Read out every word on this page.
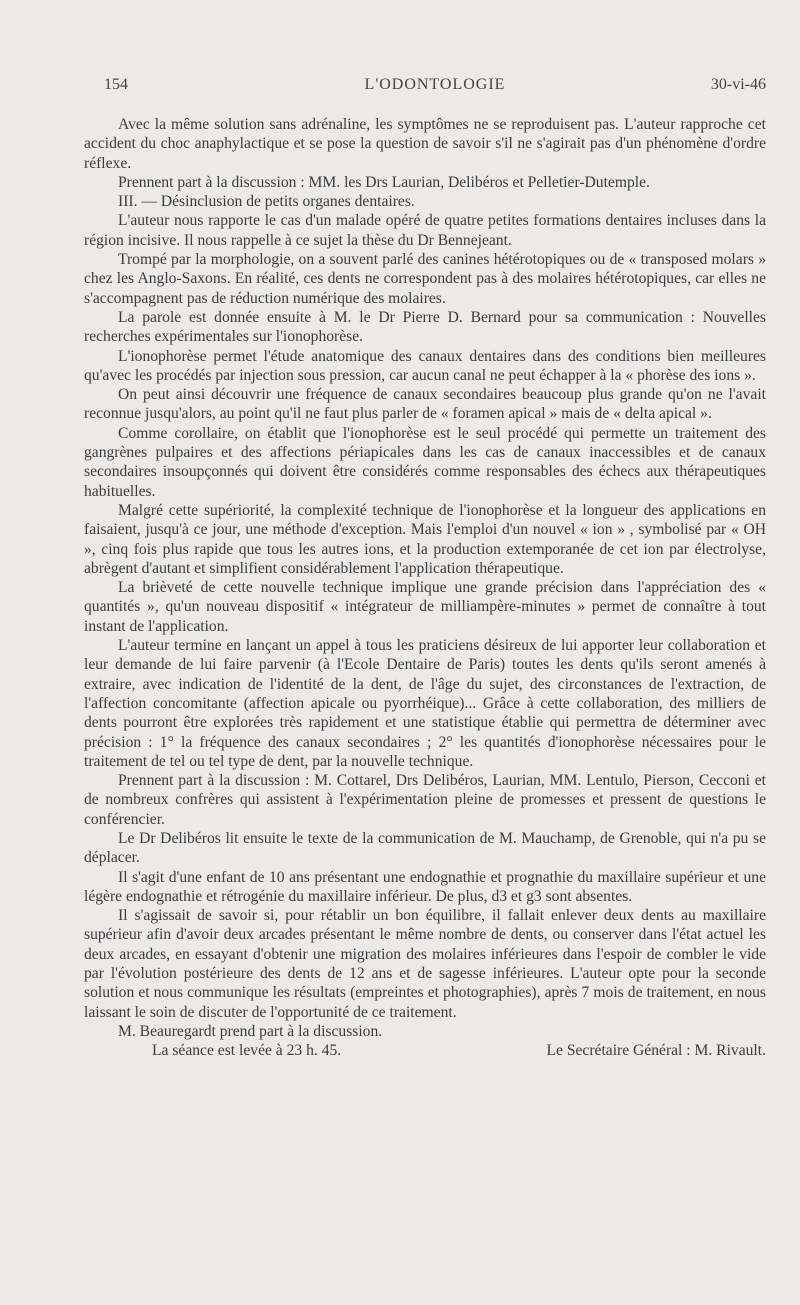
154	L'ODONTOLOGIE	30-vi-46

Avec la même solution sans adrénaline, les symptômes ne se reproduisent pas. L'auteur rapproche cet accident du choc anaphylactique et se pose la question de savoir s'il ne s'agirait pas d'un phénomène d'ordre réflexe.

Prennent part à la discussion : MM. les Drs Laurian, Delibéros et Pelletier-Dutemple.

III. — Désinclusion de petits organes dentaires.

L'auteur nous rapporte le cas d'un malade opéré de quatre petites formations dentaires incluses dans la région incisive. Il nous rappelle à ce sujet la thèse du Dr Bennejeant.

Trompé par la morphologie, on a souvent parlé des canines hétérotopiques ou de « transposed molars » chez les Anglo-Saxons. En réalité, ces dents ne correspondent pas à des molaires hétérotopiques, car elles ne s'accompagnent pas de réduction numérique des molaires.

La parole est donnée ensuite à M. le Dr Pierre D. Bernard pour sa communication : Nouvelles recherches expérimentales sur l'ionophorèse.

L'ionophorèse permet l'étude anatomique des canaux dentaires dans des conditions bien meilleures qu'avec les procédés par injection sous pression, car aucun canal ne peut échapper à la « phorèse des ions ».

On peut ainsi découvrir une fréquence de canaux secondaires beaucoup plus grande qu'on ne l'avait reconnue jusqu'alors, au point qu'il ne faut plus parler de « foramen apical » mais de « delta apical ».

Comme corollaire, on établit que l'ionophorèse est le seul procédé qui permette un traitement des gangrènes pulpaires et des affections périapicales dans les cas de canaux inaccessibles et de canaux secondaires insoupçonnés qui doivent être considérés comme responsables des échecs aux thérapeutiques habituelles.

Malgré cette supériorité, la complexité technique de l'ionophorèse et la longueur des applications en faisaient, jusqu'à ce jour, une méthode d'exception. Mais l'emploi d'un nouvel « ion » , symbolisé par « OH », cinq fois plus rapide que tous les autres ions, et la production extemporanée de cet ion par électrolyse, abrègent d'autant et simplifient considérablement l'application thérapeutique.

La brièveté de cette nouvelle technique implique une grande précision dans l'appréciation des « quantités », qu'un nouveau dispositif « intégrateur de milliampère-minutes » permet de connaître à tout instant de l'application.

L'auteur termine en lançant un appel à tous les praticiens désireux de lui apporter leur collaboration et leur demande de lui faire parvenir (à l'Ecole Dentaire de Paris) toutes les dents qu'ils seront amenés à extraire, avec indication de l'identité de la dent, de l'âge du sujet, des circonstances de l'extraction, de l'affection concomitante (affection apicale ou pyorrhéique)... Grâce à cette collaboration, des milliers de dents pourront être explorées très rapidement et une statistique établie qui permettra de déterminer avec précision : 1° la fréquence des canaux secondaires ; 2° les quantités d'ionophorèse nécessaires pour le traitement de tel ou tel type de dent, par la nouvelle technique.

Prennent part à la discussion : M. Cottarel, Drs Delibéros, Laurian, MM. Lentulo, Pierson, Cecconi et de nombreux confrères qui assistent à l'expérimentation pleine de promesses et pressent de questions le conférencier.

Le Dr Delibéros lit ensuite le texte de la communication de M. Mauchamp, de Grenoble, qui n'a pu se déplacer.

Il s'agit d'une enfant de 10 ans présentant une endognathie et prognathie du maxillaire supérieur et une légère endognathie et rétrogénie du maxillaire inférieur. De plus, d3 et g3 sont absentes.

Il s'agissait de savoir si, pour rétablir un bon équilibre, il fallait enlever deux dents au maxillaire supérieur afin d'avoir deux arcades présentant le même nombre de dents, ou conserver dans l'état actuel les deux arcades, en essayant d'obtenir une migration des molaires inférieures dans l'espoir de combler le vide par l'évolution postérieure des dents de 12 ans et de sagesse inférieures. L'auteur opte pour la seconde solution et nous communique les résultats (empreintes et photographies), après 7 mois de traitement, en nous laissant le soin de discuter de l'opportunité de ce traitement.

M. Beauregardt prend part à la discussion.

La séance est levée à 23 h. 45.	Le Secrétaire Général : M. Rivault.
